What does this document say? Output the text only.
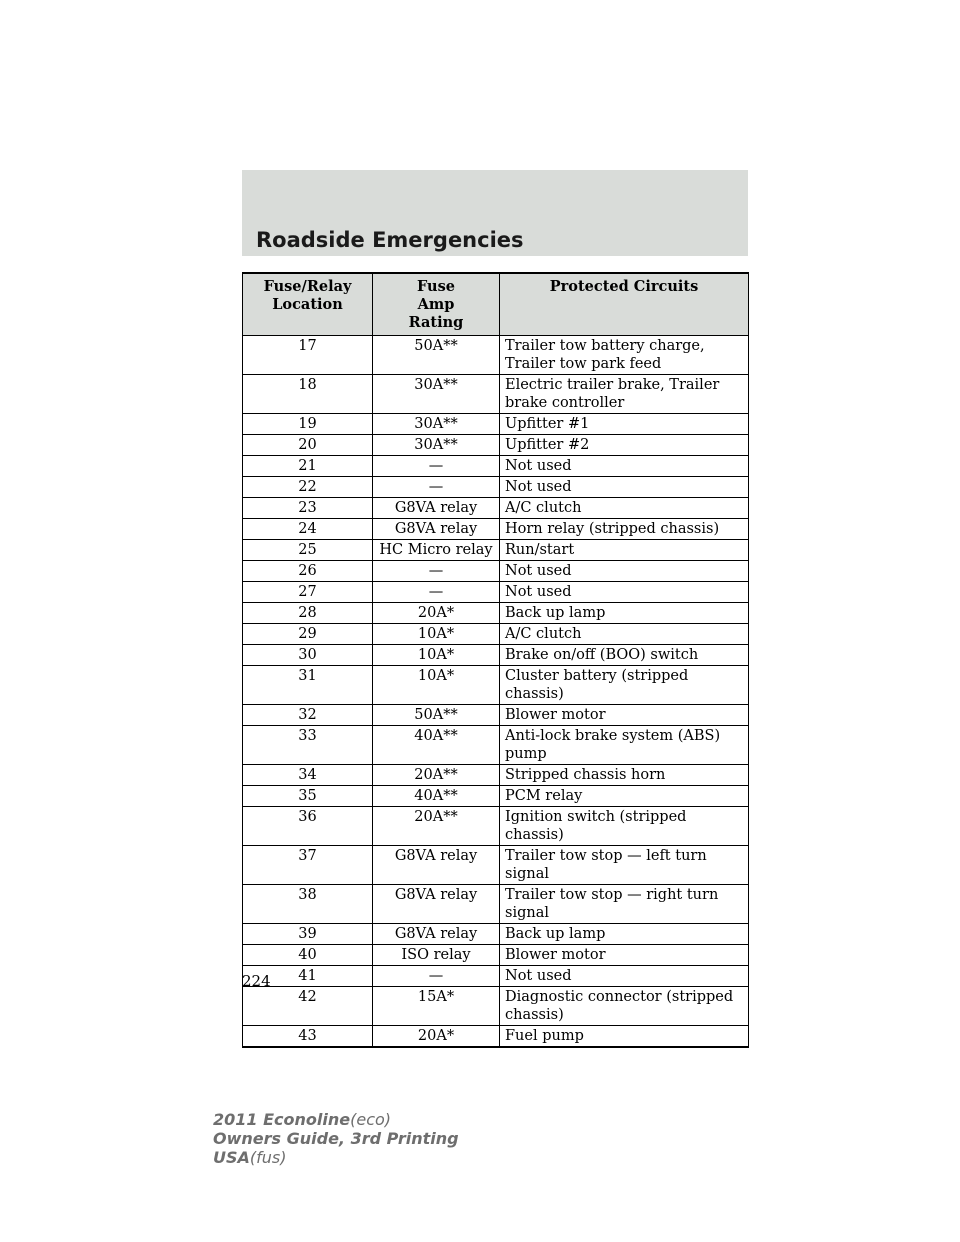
Roadside Emergencies
Fuse/Relay Location	Fuse Amp Rating	Protected Circuits
17	50A**	Trailer tow battery charge, Trailer tow park feed
18	30A**	Electric trailer brake, Trailer brake controller
19	30A**	Upfitter #1
20	30A**	Upfitter #2
21	—	Not used
22	—	Not used
23	G8VA relay	A/C clutch
24	G8VA relay	Horn relay (stripped chassis)
25	HC Micro relay	Run/start
26	—	Not used
27	—	Not used
28	20A*	Back up lamp
29	10A*	A/C clutch
30	10A*	Brake on/off (BOO) switch
31	10A*	Cluster battery (stripped chassis)
32	50A**	Blower motor
33	40A**	Anti-lock brake system (ABS) pump
34	20A**	Stripped chassis horn
35	40A**	PCM relay
36	20A**	Ignition switch (stripped chassis)
37	G8VA relay	Trailer tow stop — left turn signal
38	G8VA relay	Trailer tow stop — right turn signal
39	G8VA relay	Back up lamp
40	ISO relay	Blower motor
41	—	Not used
42	15A*	Diagnostic connector (stripped chassis)
43	20A*	Fuel pump
224
2011 Econoline(eco)
Owners Guide, 3rd Printing
USA(fus)
